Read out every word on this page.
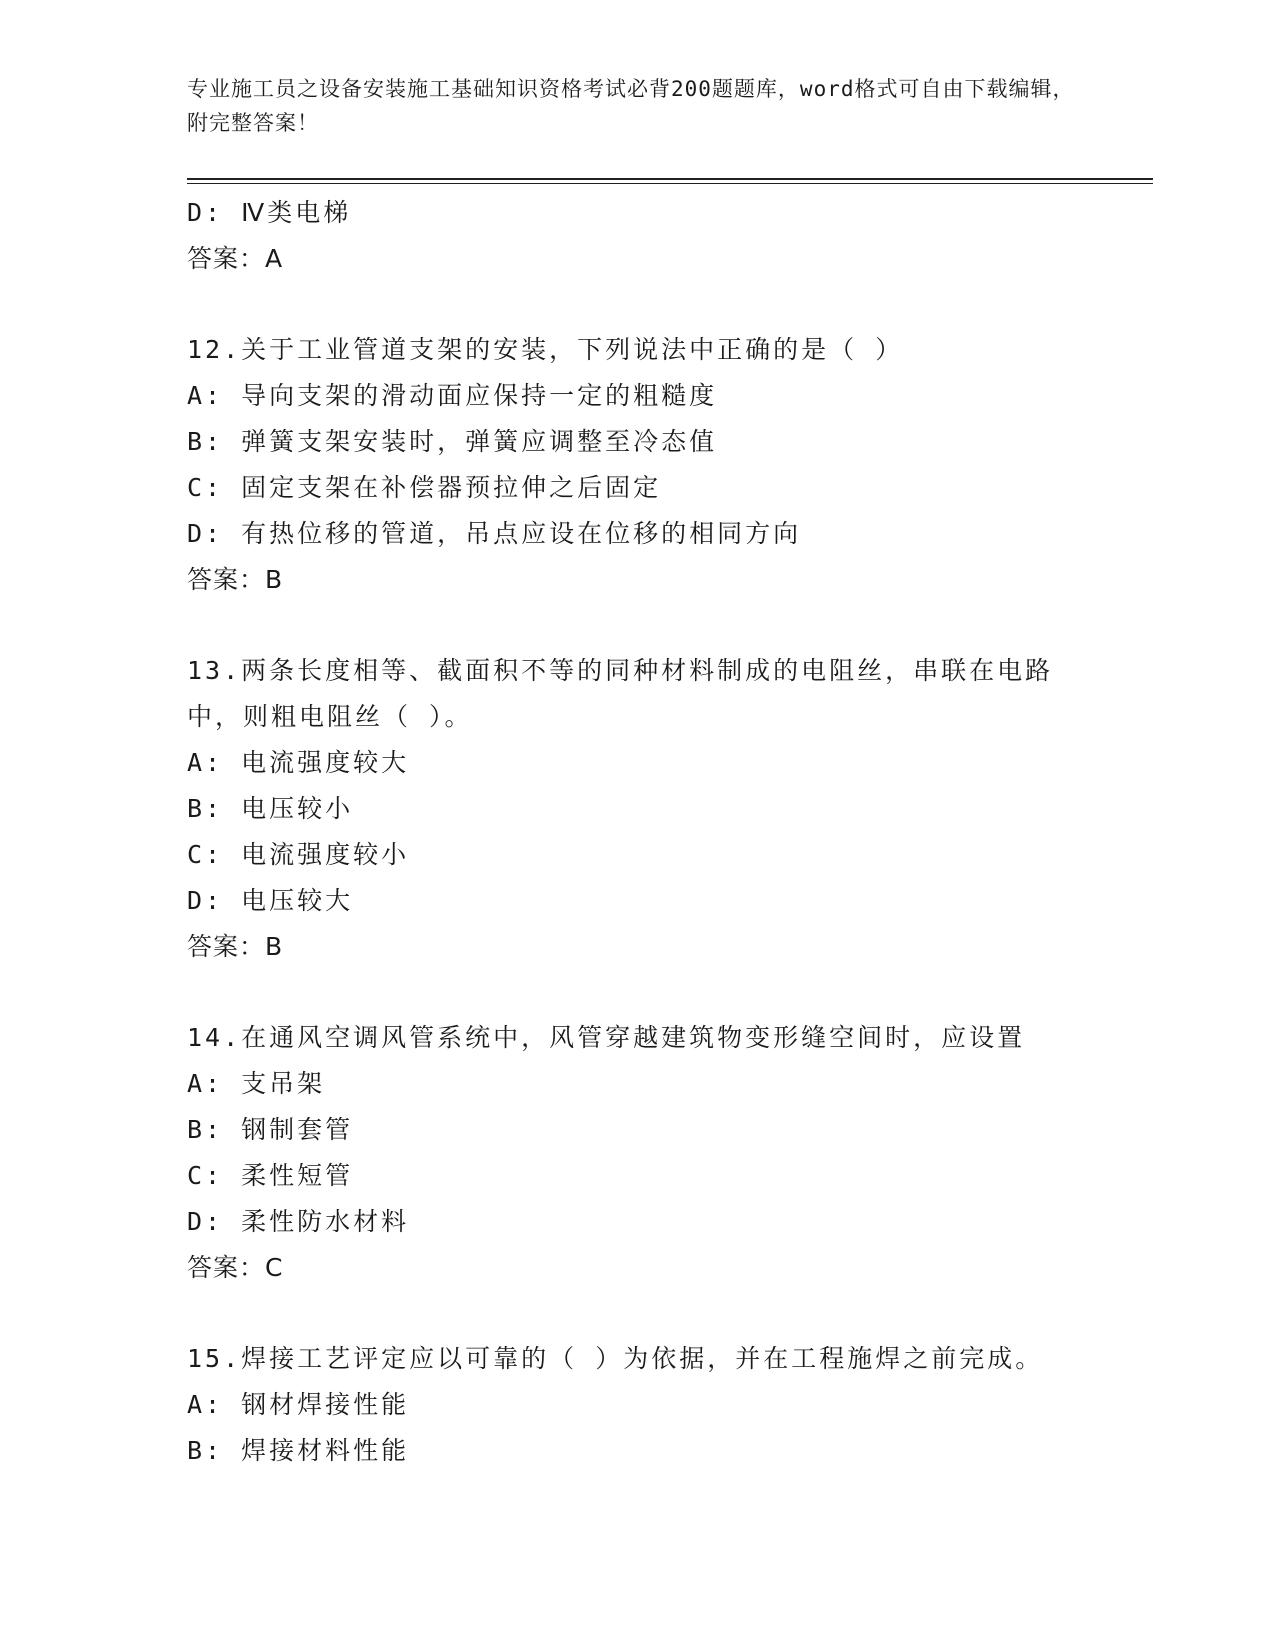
专业施工员之设备安装施工基础知识资格考试必背200题题库，word格式可自由下载编辑，附完整答案！
D: Ⅳ类电梯
答案：A
12.关于工业管道支架的安装，下列说法中正确的是（ ）
A: 导向支架的滑动面应保持一定的粗糙度
B: 弹簧支架安装时，弹簧应调整至冷态值
C: 固定支架在补偿器预拉伸之后固定
D: 有热位移的管道，吊点应设在位移的相同方向
答案：B
13.两条长度相等、截面积不等的同种材料制成的电阻丝，串联在电路中，则粗电阻丝（ ）。
A: 电流强度较大
B: 电压较小
C: 电流强度较小
D: 电压较大
答案：B
14.在通风空调风管系统中，风管穿越建筑物变形缝空间时，应设置
A: 支吊架
B: 钢制套管
C: 柔性短管
D: 柔性防水材料
答案：C
15.焊接工艺评定应以可靠的（ ）为依据，并在工程施焊之前完成。
A: 钢材焊接性能
B: 焊接材料性能
